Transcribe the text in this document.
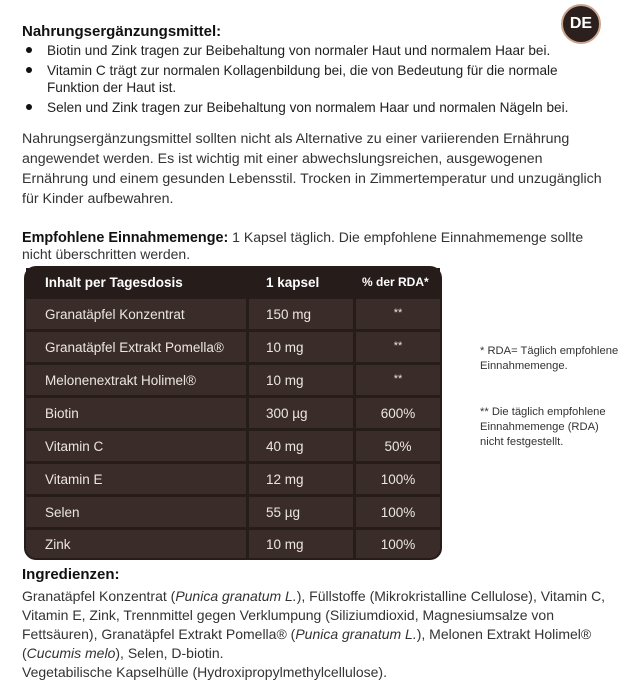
DE
Nahrungsergänzungsmittel:
Biotin und Zink tragen zur Beibehaltung von normaler Haut und normalem Haar bei.
Vitamin C trägt zur normalen Kollagenbildung bei, die von Bedeutung für die normale Funktion der Haut ist.
Selen und Zink tragen zur Beibehaltung von normalem Haar und normalen Nägeln bei.
Nahrungsergänzungsmittel sollten nicht als Alternative zu einer variierenden Ernährung angewendet werden. Es ist wichtig mit einer abwechslungsreichen, ausgewogenen Ernährung und einem gesunden Lebensstil. Trocken in Zimmertemperatur und unzugänglich für Kinder aufbewahren.
Empfohlene Einnahmemenge: 1 Kapsel täglich. Die empfohlene Einnahmemenge sollte nicht überschritten werden.
Inhalt per Tagesdosis	1 kapsel	% der RDA*
Granatäpfel Konzentrat	150 mg	**
Granatäpfel Extrakt Pomella®	10 mg	**
Melonenextrakt Holimel®	10 mg	**
Biotin	300 µg	600%
Vitamin C	40 mg	50%
Vitamin E	12 mg	100%
Selen	55 µg	100%
Zink	10 mg	100%
* RDA= Täglich empfohlene Einnahmemenge.
** Die täglich empfohlene Einnahmemenge (RDA) nicht festgestellt.
Ingredienzen:
Granatäpfel Konzentrat (Punica granatum L.), Füllstoffe (Mikrokristalline Cellulose), Vitamin C, Vitamin E, Zink, Trennmittel gegen Verklumpung (Siliziumdioxid, Magnesiumsalze von Fettsäuren), Granatäpfel Extrakt Pomella® (Punica granatum L.), Melonen Extrakt Holimel® (Cucumis melo), Selen, D-biotin.
Vegetabilische Kapselhülle (Hydroxipropylmethylcellulose).
